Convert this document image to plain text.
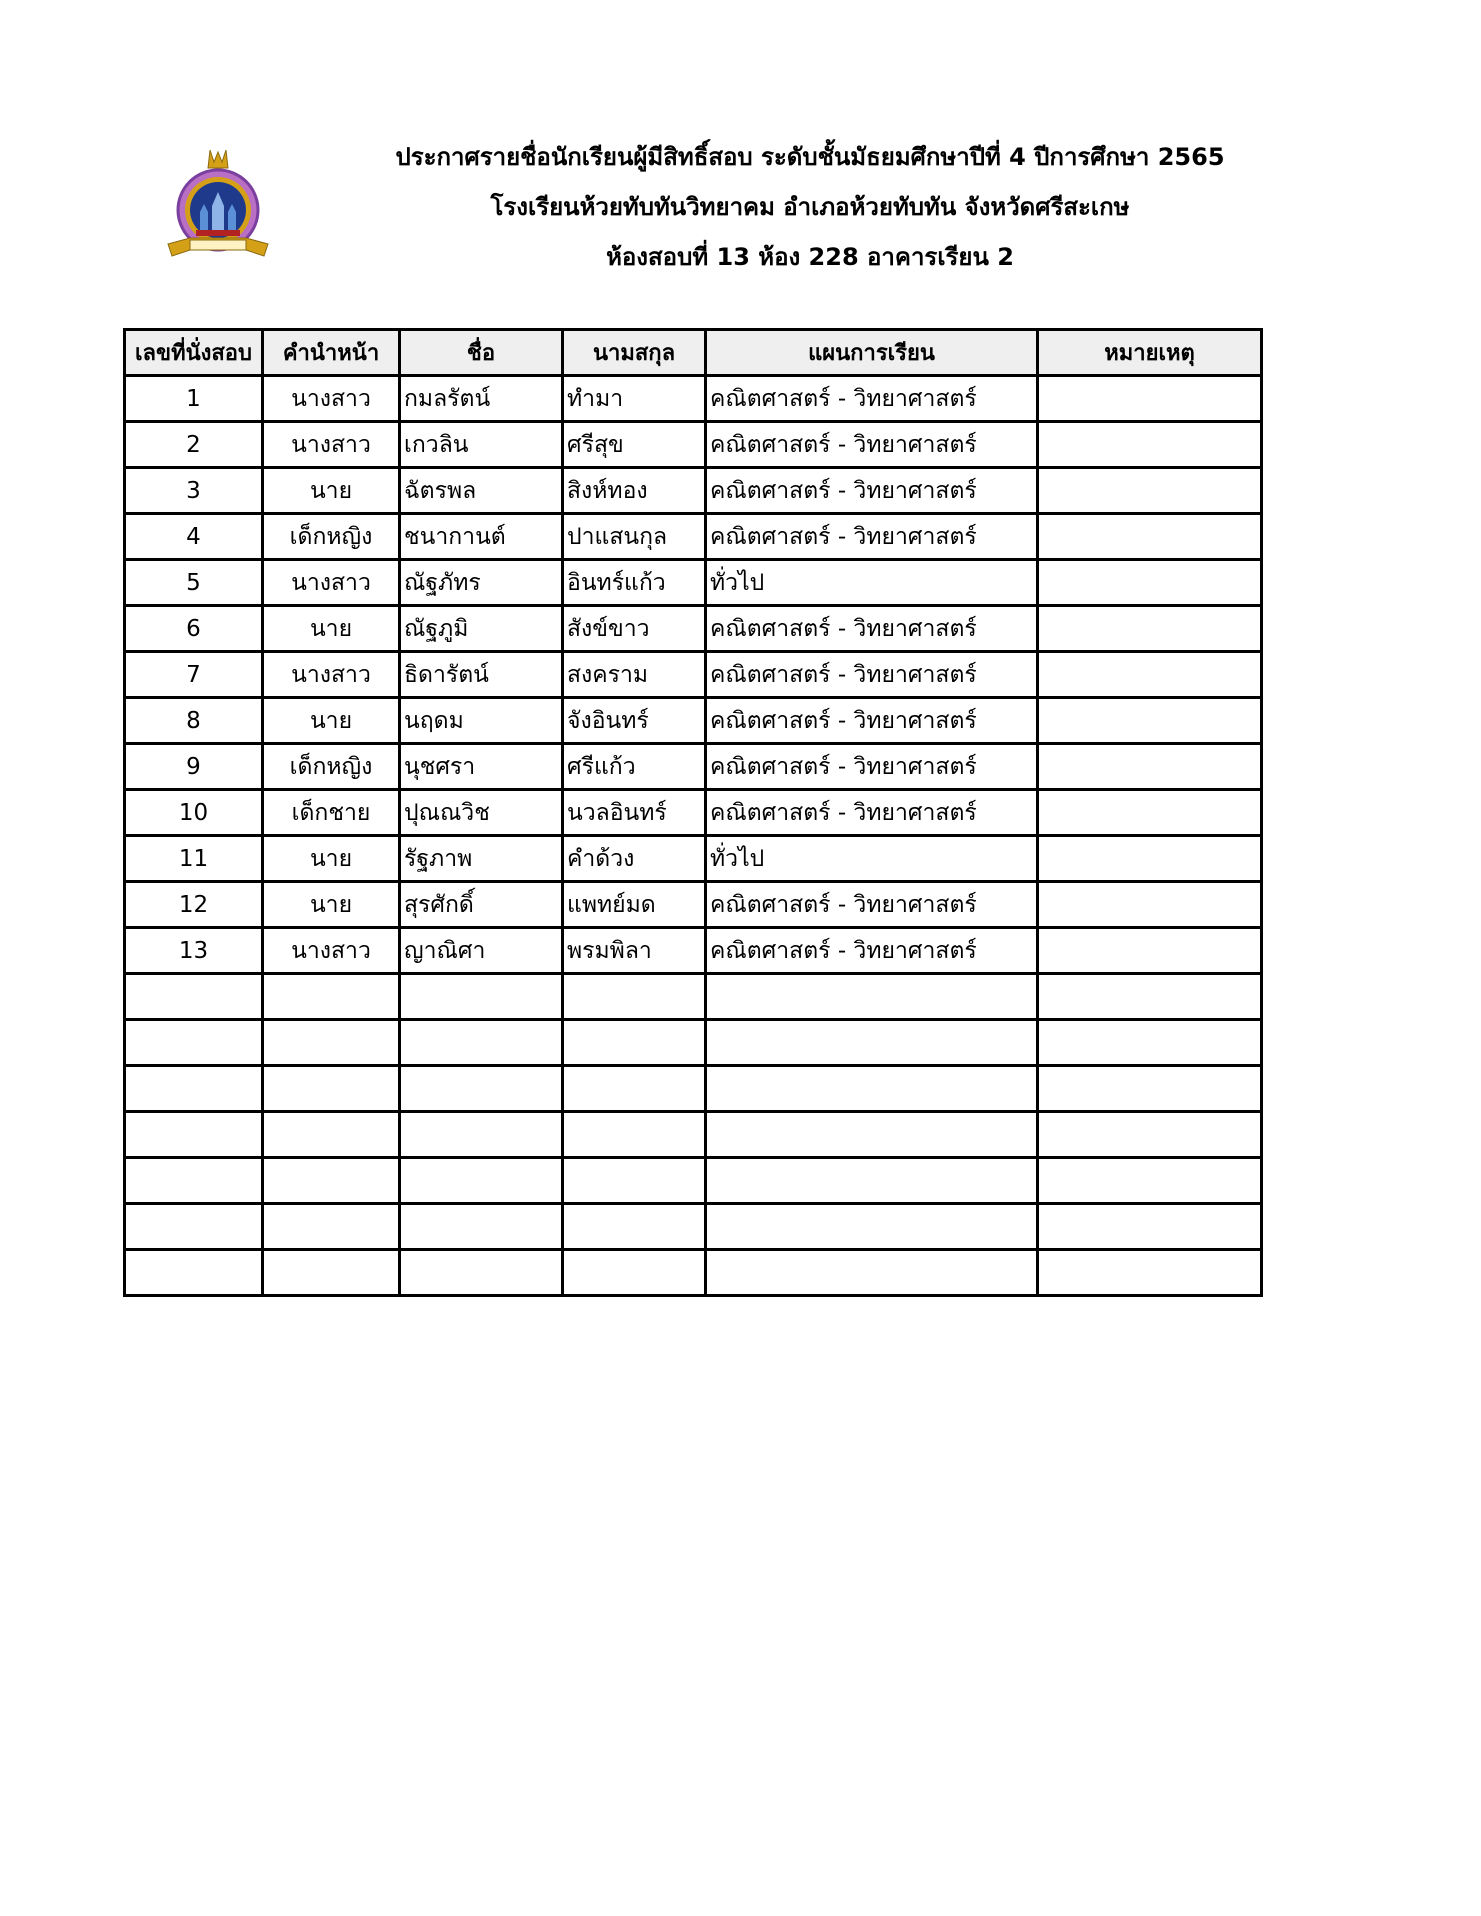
ประกาศรายชื่อนักเรียนผู้มีสิทธิ์สอบ ระดับชั้นมัธยมศึกษาปีที่ 4 ปีการศึกษา 2565
โรงเรียนห้วยทับทันวิทยาคม อำเภอห้วยทับทัน จังหวัดศรีสะเกษ
ห้องสอบที่ 13 ห้อง 228 อาคารเรียน 2
เลขที่นั่งสอบ	คำนำหน้า	ชื่อ	นามสกุล	แผนการเรียน	หมายเหตุ
1	นางสาว	กมลรัตน์	ทำมา	คณิตศาสตร์ - วิทยาศาสตร์	
2	นางสาว	เกวลิน	ศรีสุข	คณิตศาสตร์ - วิทยาศาสตร์	
3	นาย	ฉัตรพล	สิงห์ทอง	คณิตศาสตร์ - วิทยาศาสตร์	
4	เด็กหญิง	ชนากานต์	ปาแสนกุล	คณิตศาสตร์ - วิทยาศาสตร์	
5	นางสาว	ณัฐภัทร	อินทร์แก้ว	ทั่วไป	
6	นาย	ณัฐภูมิ	สังข์ขาว	คณิตศาสตร์ - วิทยาศาสตร์	
7	นางสาว	ธิดารัตน์	สงคราม	คณิตศาสตร์ - วิทยาศาสตร์	
8	นาย	นฤดม	จังอินทร์	คณิตศาสตร์ - วิทยาศาสตร์	
9	เด็กหญิง	นุชศรา	ศรีแก้ว	คณิตศาสตร์ - วิทยาศาสตร์	
10	เด็กชาย	ปุณณวิช	นวลอินทร์	คณิตศาสตร์ - วิทยาศาสตร์	
11	นาย	รัฐภาพ	คำด้วง	ทั่วไป	
12	นาย	สุรศักดิ์	แพทย์มด	คณิตศาสตร์ - วิทยาศาสตร์	
13	นางสาว	ญาณิศา	พรมพิลา	คณิตศาสตร์ - วิทยาศาสตร์	
